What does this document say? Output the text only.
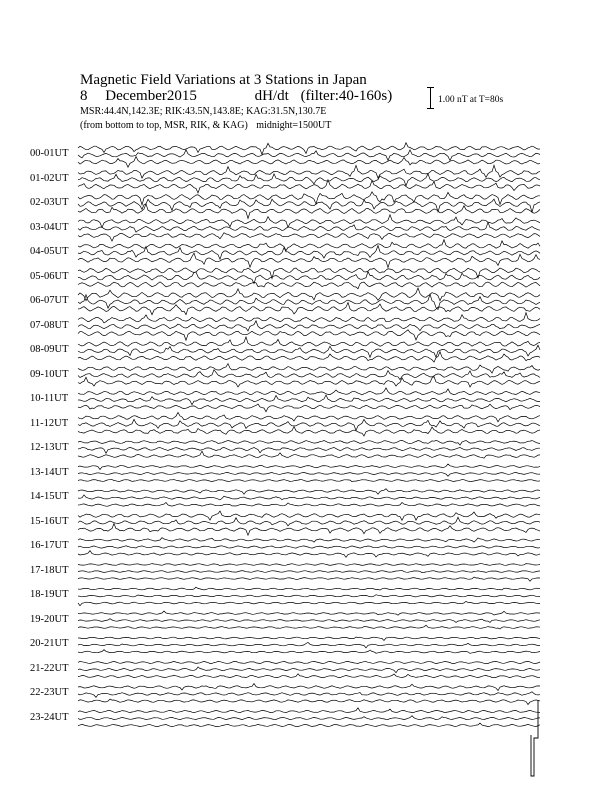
Magnetic Field Variations at 3 Stations in Japan
8 December2015	dH/dt (filter:40-160s)
MSR:44.4N,142.3E; RIK:43.5N,143.8E; KAG:31.5N,130.7E
(from bottom to top, MSR, RIK, & KAG) midnight=1500UT
1.00 nT at T=80s
00-01UT
01-02UT
02-03UT
03-04UT
04-05UT
05-06UT
06-07UT
07-08UT
08-09UT
09-10UT
10-11UT
11-12UT
12-13UT
13-14UT
14-15UT
15-16UT
16-17UT
17-18UT
18-19UT
19-20UT
20-21UT
21-22UT
22-23UT
23-24UT
